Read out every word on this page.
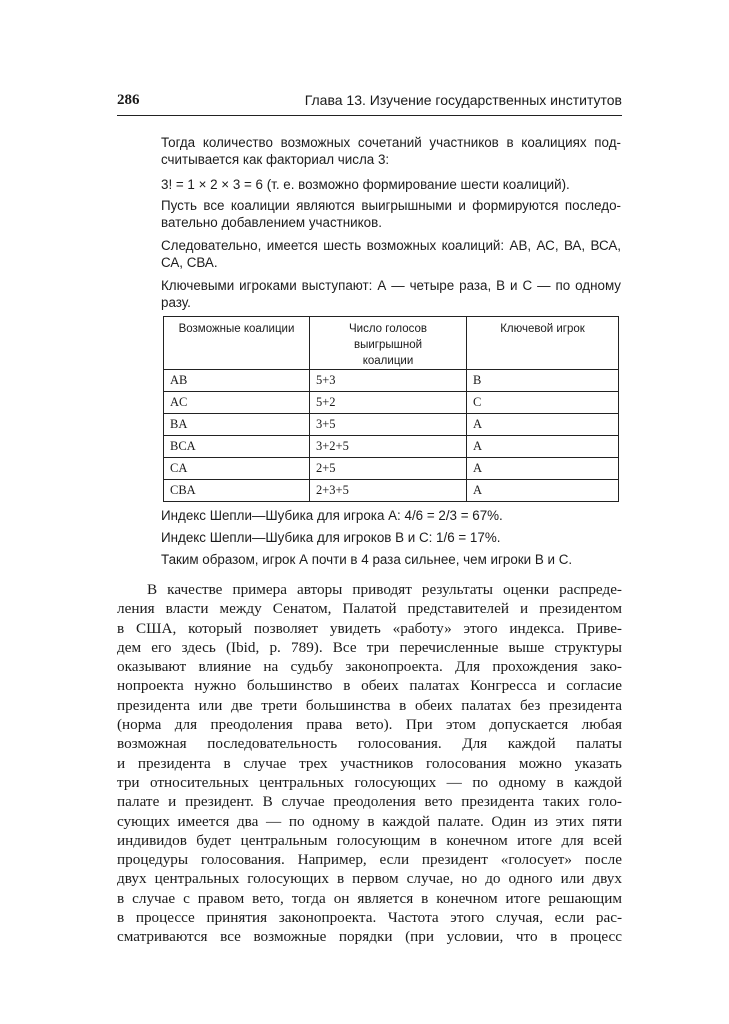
286	Глава 13. Изучение государственных институтов
Тогда количество возможных сочетаний участников в коалициях под-
считывается как факториал числа 3:
3! = 1 × 2 × 3 = 6 (т. е. возможно формирование шести коалиций).
Пусть все коалиции являются выигрышными и формируются последо-
вательно добавлением участников.
Следовательно, имеется шесть возможных коалиций: АВ, АС, ВА, ВСА,
СА, СВА.
Ключевыми игроками выступают: А — четыре раза, В и С — по одному
разу.
Возможные коалиции	Число голосов выигрышной коалиции	Ключевой игрок
AB	5+3	B
AC	5+2	C
BA	3+5	A
BCA	3+2+5	A
CA	2+5	A
CBA	2+3+5	A
Индекс Шепли—Шубика для игрока А: 4/6 = 2/3 = 67%.
Индекс Шепли—Шубика для игроков В и С: 1/6 = 17%.
Таким образом, игрок А почти в 4 раза сильнее, чем игроки В и С.
В качестве примера авторы приводят результаты оценки распреде-
ления власти между Сенатом, Палатой представителей и президентом
в США, который позволяет увидеть «работу» этого индекса. Приве-
дем его здесь (Ibid, p. 789). Все три перечисленные выше структуры
оказывают влияние на судьбу законопроекта. Для прохождения зако-
нопроекта нужно большинство в обеих палатах Конгресса и согласие
президента или две трети большинства в обеих палатах без президента
(норма для преодоления права вето). При этом допускается любая
возможная последовательность голосования. Для каждой палаты
и президента в случае трех участников голосования можно указать
три относительных центральных голосующих — по одному в каждой
палате и президент. В случае преодоления вето президента таких голо-
сующих имеется два — по одному в каждой палате. Один из этих пяти
индивидов будет центральным голосующим в конечном итоге для всей
процедуры голосования. Например, если президент «голосует» после
двух центральных голосующих в первом случае, но до одного или двух
в случае с правом вето, тогда он является в конечном итоге решающим
в процессе принятия законопроекта. Частота этого случая, если рас-
сматриваются все возможные порядки (при условии, что в процесс
